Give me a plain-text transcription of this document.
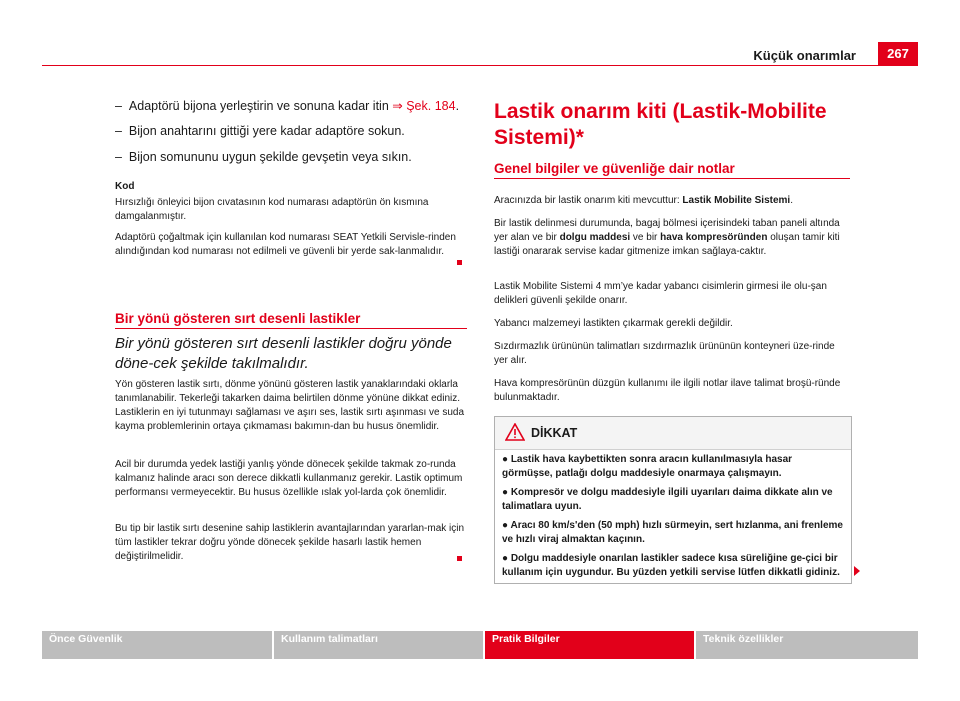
Küçük onarımlar	267
– Adaptörü bijona yerleştirin ve sonuna kadar itin ⇒ Şek. 184.
– Bijon anahtarını gittiği yere kadar adaptöre sokun.
– Bijon somununu uygun şekilde gevşetin veya sıkın.
Kod

Hırsızlığı önleyici bijon cıvatasının kod numarası adaptörün ön kısmına damgalanmıştır.

Adaptörü çoğaltmak için kullanılan kod numarası SEAT Yetkili Servisle-rinden alındığından kod numarası not edilmeli ve güvenli bir yerde sak-lanmalıdır.

Bir yönü gösteren sırt desenli lastikler
Bir yönü gösteren sırt desenli lastikler doğru yönde döne-cek şekilde takılmalıdır.

Yön gösteren lastik sırtı, dönme yönünü gösteren lastik yanaklarındaki oklarla tanımlanabilir. Tekerleği takarken daima belirtilen dönme yönüne dikkat ediniz. Lastiklerin en iyi tutunmayı sağlaması ve aşırı ses, lastik sırtı aşınması ve suda kayma problemlerinin ortaya çıkmaması bakımın-dan bu husus önemlidir.

Acil bir durumda yedek lastiği yanlış yönde dönecek şekilde takmak zo-runda kalmanız halinde aracı son derece dikkatli kullanmanız gerekir. Lastik optimum performansı vermeyecektir. Bu husus özellikle ıslak yol-larda çok önemlidir.

Bu tip bir lastik sırtı desenine sahip lastiklerin avantajlarından yararlan-mak için tüm lastikler tekrar doğru yönde dönecek şekilde hasarlı lastik hemen değiştirilmelidir.

Lastik onarım kiti (Lastik-Mobilite Sistemi)*
Genel bilgiler ve güvenliğe dair notlar

Aracınızda bir lastik onarım kiti mevcuttur: Lastik Mobilite Sistemi.

Bir lastik delinmesi durumunda, bagaj bölmesi içerisindeki taban paneli altında yer alan ve bir dolgu maddesi ve bir hava kompresöründen oluşan tamir kiti lastiği onararak servise kadar gitmenize imkan sağlaya-caktır.

Lastik Mobilite Sistemi 4 mm’ye kadar yabancı cisimlerin girmesi ile olu-şan delikleri güvenli şekilde onarır.

Yabancı malzemeyi lastikten çıkarmak gerekli değildir.

Sızdırmazlık ürününün talimatları sızdırmazlık ürününün konteyneri üze-rinde yer alır.

Hava kompresörünün düzgün kullanımı ile ilgili notlar ilave talimat broşü-ründe bulunmaktadır.

DİKKAT

● Lastik hava kaybettikten sonra aracın kullanılmasıyla hasar görmüşse, patlağı dolgu maddesiyle onarmaya çalışmayın.

● Kompresör ve dolgu maddesiyle ilgili uyarıları daima dikkate alın ve talimatlara uyun.

● Aracı 80 km/s'den (50 mph) hızlı sürmeyin, sert hızlanma, ani frenleme ve hızlı viraj almaktan kaçının.

● Dolgu maddesiyle onarılan lastikler sadece kısa süreliğine ge-çici bir kullanım için uygundur. Bu yüzden yetkili servise lütfen dikkatli gidiniz.

Önce Güvenlik	Kullanım talimatları	Pratik Bilgiler	Teknik özellikler
